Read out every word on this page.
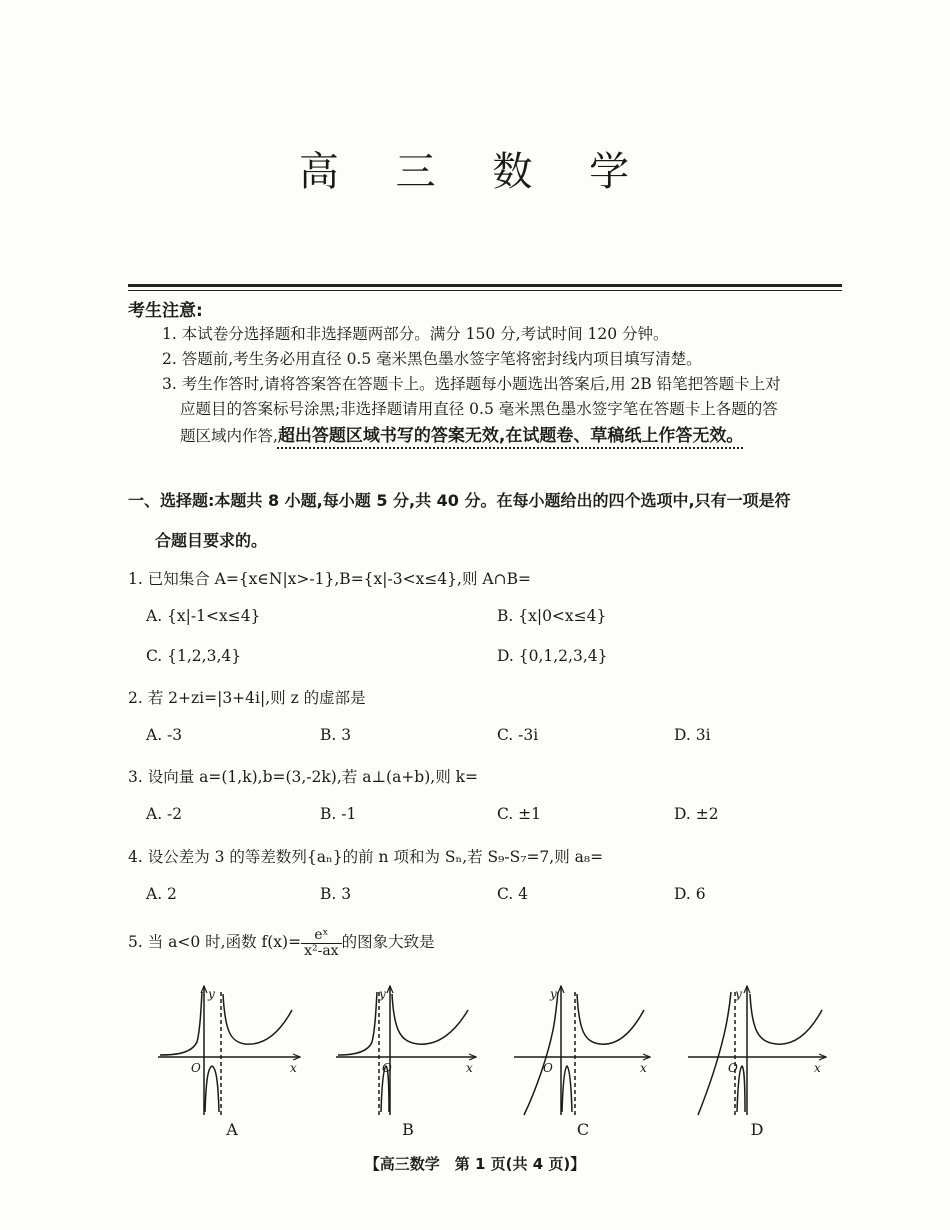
高 三 数 学
考生注意:
1. 本试卷分选择题和非选择题两部分。满分 150 分,考试时间 120 分钟。
2. 答题前,考生务必用直径 0.5 毫米黑色墨水签字笔将密封线内项目填写清楚。
3. 考生作答时,请将答案答在答题卡上。选择题每小题选出答案后,用 2B 铅笔把答题卡上对
应题目的答案标号涂黑;非选择题请用直径 0.5 毫米黑色墨水签字笔在答题卡上各题的答
题区域内作答,超出答题区域书写的答案无效,在试题卷、草稿纸上作答无效。
一、选择题:本题共 8 小题,每小题 5 分,共 40 分。在每小题给出的四个选项中,只有一项是符
合题目要求的。
1. 已知集合 A={x∈N|x>-1},B={x|-3<x≤4},则 A∩B=
A. {x|-1<x≤4}	B. {x|0<x≤4}
C. {1,2,3,4}	D. {0,1,2,3,4}
2. 若 2+zi=|3+4i|,则 z 的虚部是
A. -3	B. 3	C. -3i	D. 3i
3. 设向量 a=(1,k),b=(3,-2k),若 a⊥(a+b),则 k=
A. -2	B. -1	C. ±1	D. ±2
4. 设公差为 3 的等差数列{aₙ}的前 n 项和为 Sₙ,若 S₉-S₇=7,则 a₈=
A. 2	B. 3	C. 4	D. 6
5. 当 a<0 时,函数 $f(x)= \frac{\text{eˣ}}{\text{x²-ax}}$ 的图象大致是
y
x
O
y
x
O
y
x
O
y
x
O
A	B	C	D
【高三数学　第 1 页(共 4 页)】
